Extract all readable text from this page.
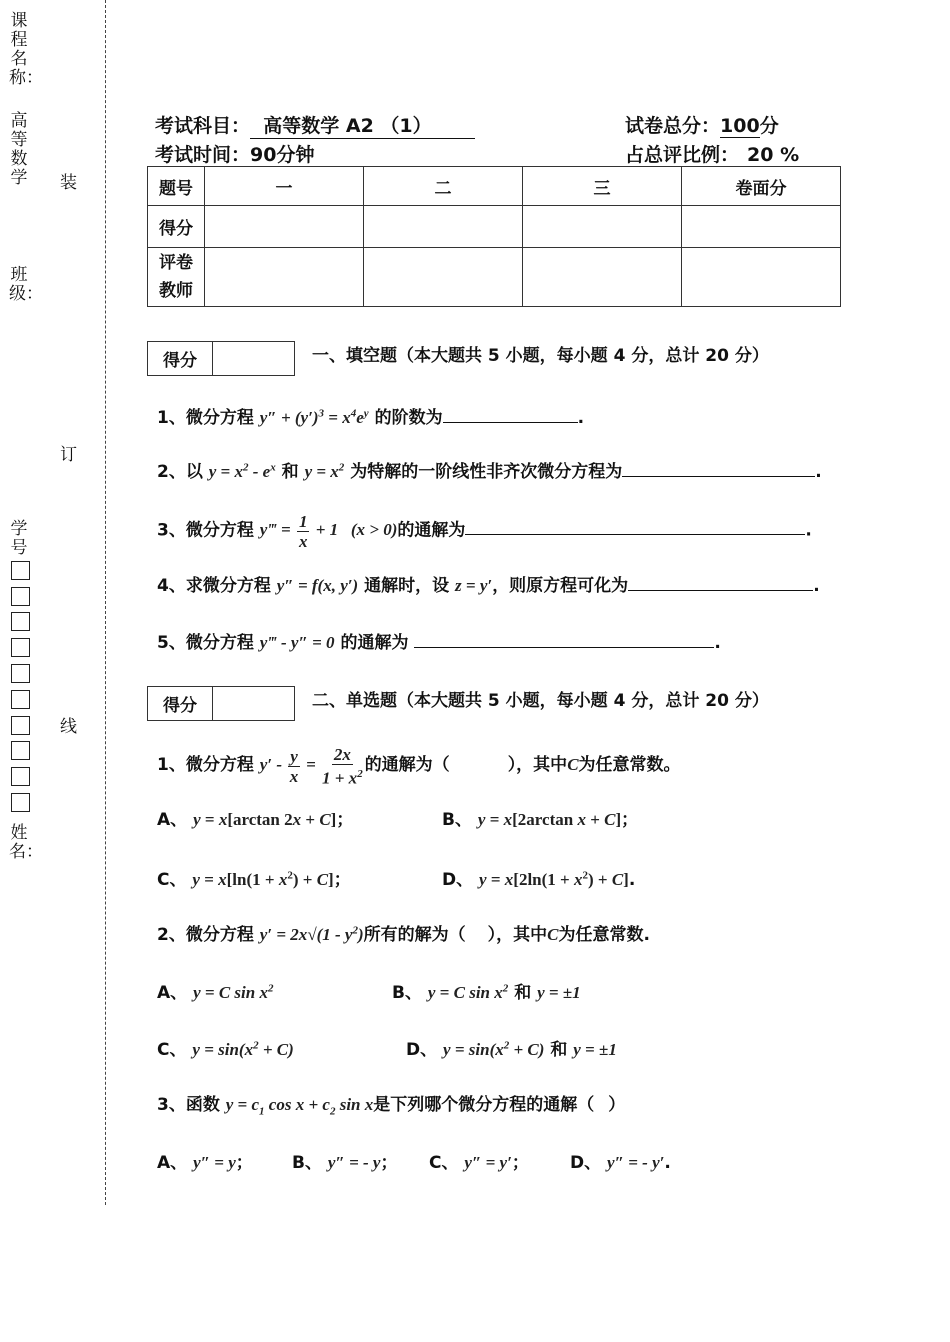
课程名称：
高等数学
班级：
学号
姓名：
装
订
线
考试科目： 高等数学 A2 （1）	试卷总分：100分
考试时间：90分钟	占总评比例： 20 %
题号	一	二	三	卷面分
得分				
评卷
教师				
得分	一、填空题（本大题共 5 小题，每小题 4 分，总计 20 分）
1、微分方程 $y'' + (y')^3 = x^4e^y$ 的阶数为	.
2、以 $y = x^2 - e^x$ 和 $y = x^2$ 为特解的一阶线性非齐次微分方程为	.
3、微分方程 y‴ = $\frac{1}{x} + 1$   (x > 0)的通解为	.
4、求微分方程 y″ = f(x, y′) 通解时，设 z = y′，则原方程可化为	.
5、微分方程 y‴ - y″ = 0 的通解为	.
得分	二、单选题（本大题共 5 小题，每小题 4 分，总计 20 分）
1、微分方程 $y' - \frac{y}{x} = \frac{2x}{1 + x^2}$ 的通解为（	），其中C为任意常数。
A、 y = x[arctan 2x + C]；	B、 y = x[2arctan x + C]；
C、 $y = x[\ln(1 + x^2) + C]$；	D、 $y = x[2\ln(1 + x^2) + C]$.
2、微分方程 $y' = 2x√(1 - y^2)$所有的解为（ ），其中C为任意常数.
A、 y = C $\sin x^2$	B、 y = C $\sin x^2$ 和 y = ±1
C、 $y = \sin(x^2 + C)$	D、 $y = \sin(x^2 + C)$ 和 y = ±1
3、函数 $y = c_1$ $\cos x + c_2$ sin x是下列哪个微分方程的通解（ ）
A、 y″ = y； B、 y″ = - y； C、 y″ = y′； D、 y″ = - y′.
